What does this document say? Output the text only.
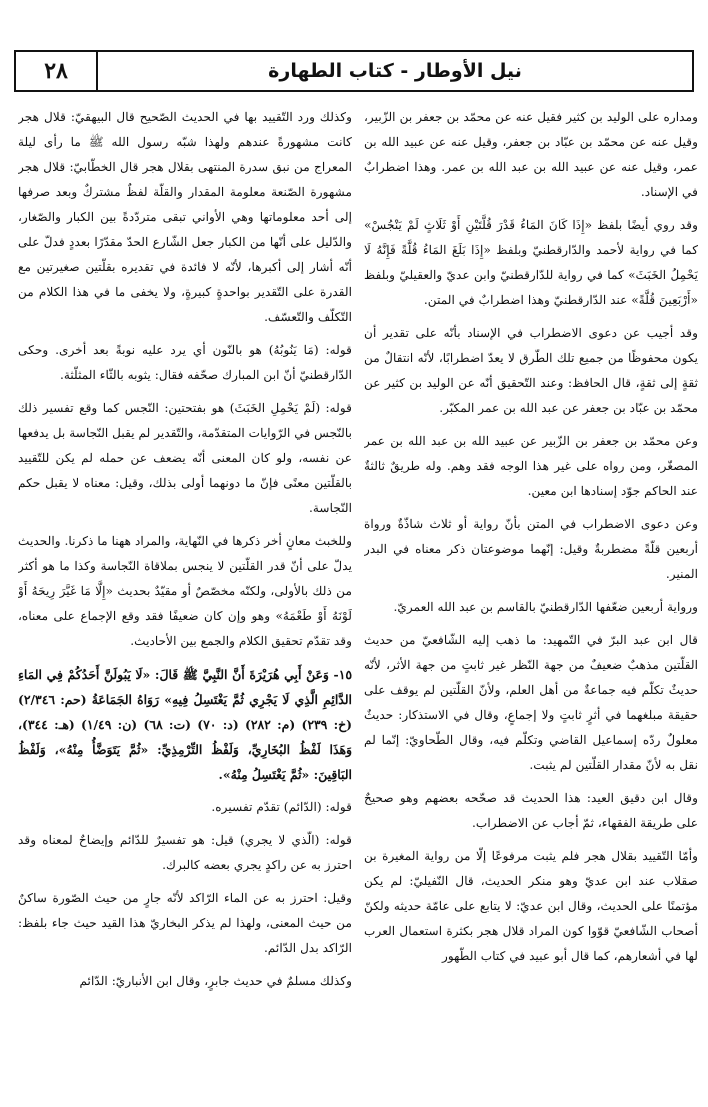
٢٨	نيل الأوطار - كتاب الطهارة

ومداره على الوليد بن كثير فقيل عنه عن محمّد بن جعفر بن الزّبير، وقيل عنه عن محمّد بن عبّاد بن جعفر، وقيل عنه عن عبيد الله بن عمر، وقيل عنه عن عبيد الله بن عبد الله بن عمر. وهذا اضطرابٌ في الإسناد.

وقد روي أيضًا بلفظ «إِذَا كَانَ المَاءُ قَدْرَ قُلَّتَيْنِ أَوْ ثَلَاثٍ لَمْ يَنْجُسْ» كما في رواية لأحمد والدّارقطنيّ وبلفظ «إِذَا بَلَغَ المَاءُ قُلَّةً فَإِنَّهُ لَا يَحْمِلُ الخَبَثَ» كما في رواية للدّارقطنيّ وابن عديّ والعقيليّ وبلفظ «أَرْبَعِينَ قُلَّةً» عند الدّارقطنيّ وهذا اضطرابٌ في المتن.

وقد أجيب عن دعوى الاضطراب في الإسناد بأنّه على تقدير أن يكون محفوظًا من جميع تلك الطّرق لا يعدّ اضطرابًا، لأنّه انتقالٌ من ثقةٍ إلى ثقةٍ، قال الحافظ: وعند التّحقيق أنّه عن الوليد بن كثير عن محمّد بن عبّاد بن جعفر عن عبد الله بن عمر المكبّر.

وعن محمّد بن جعفر بن الزّبير عن عبيد الله بن عبد الله بن عمر المصغّر، ومن رواه على غير هذا الوجه فقد وهم. وله طريقٌ ثالثةٌ عند الحاكم جوّد إسنادها ابن معين.

وعن دعوى الاضطراب في المتن بأنّ رواية أو ثلاث شاذّةٌ ورواة أربعين قلّةً مضطربةٌ وقيل: إنّهما موضوعتان ذكر معناه في البدر المنير.

ورواية أربعين ضعّفها الدّارقطنيّ بالقاسم بن عبد الله العمريّ.

قال ابن عبد البرّ في التّمهيد: ما ذهب إليه الشّافعيّ من حديث القلّتين مذهبٌ ضعيفٌ من جهة النّظر غير ثابتٍ من جهة الأثر، لأنّه حديثٌ تكلّم فيه جماعةٌ من أهل العلم، ولأنّ القلّتين لم يوقف على حقيقة مبلغهما في أثرٍ ثابتٍ ولا إجماعٍ، وقال في الاستذكار: حديثٌ معلولٌ ردّه إسماعيل القاضي وتكلّم فيه، وقال الطّحاويّ: إنّما لم نقل به لأنّ مقدار القلّتين لم يثبت.

وقال ابن دقيق العيد: هذا الحديث قد صحّحه بعضهم وهو صحيحٌ على طريقة الفقهاء، ثمّ أجاب عن الاضطراب.

وأمّا التّقييد بقلال هجر فلم يثبت مرفوعًا إلّا من رواية المغيرة بن صقلاب عند ابن عديّ وهو منكر الحديث، قال النّفيليّ: لم يكن مؤتمنًا على الحديث، وقال ابن عديّ: لا يتابع على عامّة حديثه ولكنّ أصحاب الشّافعيّ قوّوا كون المراد قلال هجر بكثرة استعمال العرب لها في أشعارهم، كما قال أبو عبيد في كتاب الطّهور

وكذلك ورد التّقييد بها في الحديث الصّحيح قال البيهقيّ: قلال هجر كانت مشهورةً عندهم ولهذا شبّه رسول الله ﷺ ما رأى ليلة المعراج من نبق سدرة المنتهى بقلال هجر قال الخطّابيّ: قلال هجر مشهورة الصّنعة معلومة المقدار والقلّة لفظٌ مشتركٌ وبعد صرفها إلى أحد معلوماتها وهي الأواني تبقى متردّدةً بين الكبار والصّغار، والدّليل على أنّها من الكبار جعل الشّارع الحدّ مقدّرًا بعددٍ فدلّ على أنّه أشار إلى أكبرها، لأنّه لا فائدة في تقديره بقلّتين صغيرتين مع القدرة على التّقدير بواحدةٍ كبيرةٍ، ولا يخفى ما في هذا الكلام من التّكلّف والتّعسّف.

قوله: (مَا يَنُوبُهُ) هو بالنّون أي يرد عليه نوبةً بعد أخرى. وحكى الدّارقطنيّ أنّ ابن المبارك صحّفه فقال: يثوبه بالثّاء المثلّثة.

قوله: (لَمْ يَحْمِلِ الخَبَثَ) هو بفتحتين: النّجس كما وقع تفسير ذلك بالنّجس في الرّوايات المتقدّمة، والتّقدير لم يقبل النّجاسة بل يدفعها عن نفسه، ولو كان المعنى أنّه يضعف عن حمله لم يكن للتّقييد بالقلّتين معنًى فإنّ ما دونهما أولى بذلك، وقيل: معناه لا يقبل حكم النّجاسة.

وللخبث معانٍ أخر ذكرها في النّهاية، والمراد ههنا ما ذكرنا. والحديث يدلّ على أنّ قدر القلّتين لا ينجس بملاقاة النّجاسة وكذا ما هو أكثر من ذلك بالأولى، ولكنّه مخصّصٌ أو مقيّدٌ بحديث «إِلَّا مَا غَيَّرَ رِيحَهُ أَوْ لَوْنَهُ أَوْ طَعْمَهُ» وهو وإن كان ضعيفًا فقد وقع الإجماع على معناه، وقد تقدّم تحقيق الكلام والجمع بين الأحاديث.

١٥- وَعَنْ أَبِي هُرَيْرَةَ أَنَّ النَّبِيَّ ﷺ قَالَ: «لَا يَبُولَنَّ أَحَدُكُمْ فِي المَاءِ الدَّائِمِ الَّذِي لَا يَجْرِي ثُمَّ يَغْتَسِلُ فِيهِ» رَوَاهُ الجَمَاعَةُ (حم: ٢/٣٤٦) (خ: ٢٣٩) (م: ٢٨٢) (د: ٧٠) (ت: ٦٨) (ن: ١/٤٩) (هـ: ٣٤٤)، وَهَذَا لَفْظُ البُخَارِيِّ، وَلَفْظُ التِّرْمِذِيِّ: «ثُمَّ يَتَوَضَّأُ مِنْهُ»، وَلَفْظُ البَاقِينَ: «ثُمَّ يَغْتَسِلُ مِنْهُ».

قوله: (الدّائم) تقدّم تفسيره.

قوله: (الّذي لا يجري) قيل: هو تفسيرٌ للدّائم وإيضاحٌ لمعناه وقد احترز به عن راكدٍ يجري بعضه كالبرك.

وقيل: احترز به عن الماء الرّاكد لأنّه جارٍ من حيث الصّورة ساكنٌ من حيث المعنى، ولهذا لم يذكر البخاريّ هذا القيد حيث جاء بلفظ: الرّاكد بدل الدّائم.

وكذلك مسلمٌ في حديث جابرٍ، وقال ابن الأنباريّ: الدّائم
